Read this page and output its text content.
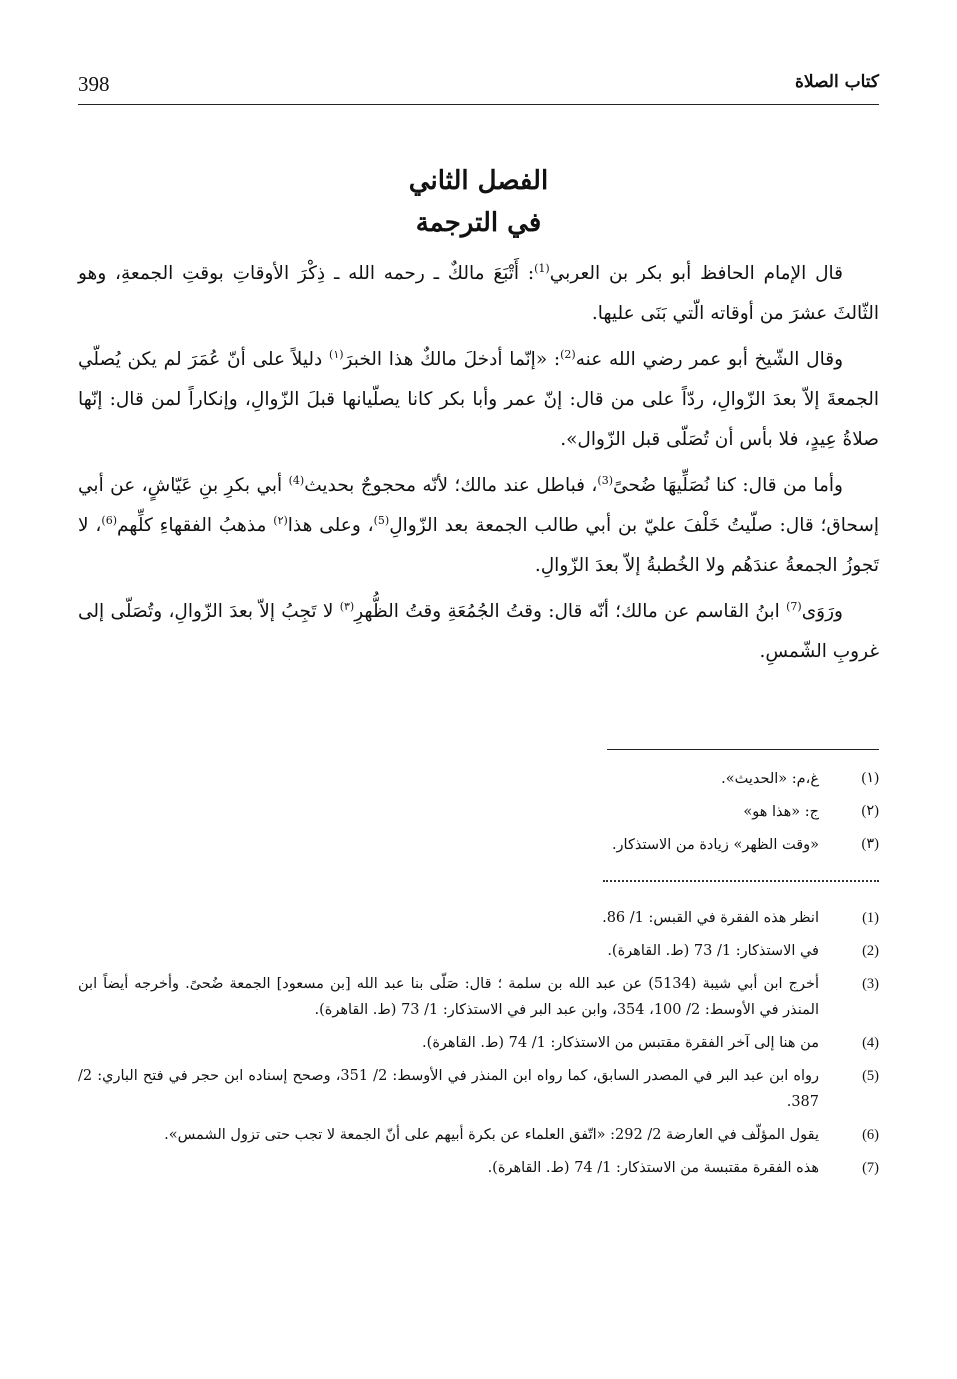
398	كتاب الصلاة
الفصل الثاني
في الترجمة

قال الإمام الحافظ أبو بكر بن العربي$^{(1)}$: أَتْبَعَ مالكٌ ـ رحمه الله ـ ذِكْرَ الأوقاتِ بوقتِ الجمعةِ، وهو الثّالثَ عشرَ من أوقاته الّتي بَنَى عليها.

وقال الشّيخ أبو عمر رضي الله عنه$^{(2)}$: «إنّما أدخلَ مالكٌ هذا الخبرَ$^{(١)}$ دليلاً على أنّ عُمَرَ لم يكن يُصلّي الجمعةَ إلاّ بعدَ الزّوالِ، ردّاً على من قال: إنّ عمر وأبا بكر كانا يصلّيانها قبلَ الزّوالِ، وإنكاراً لمن قال: إنّها صلاةُ عِيدٍ، فلا بأس أن تُصَلّى قبل الزّوال».

وأما من قال: كنا نُصَلِّيهَا ضُحىً$^{(3)}$، فباطل عند مالك؛ لأنّه محجوجٌ بحديث$^{(4)}$ أبي بكرِ بنِ عَيّاشٍ، عن أبي إسحاق؛ قال: صلّيتُ خَلْفَ عليّ بن أبي طالب الجمعة بعد الزّوالِ$^{(5)}$، وعلى هذا$^{(٢)}$ مذهبُ الفقهاءِ كلِّهم$^{(6)}$، لا تَجوزُ الجمعةُ عندَهُم ولا الخُطبةُ إلاّ بعدَ الزّوالِ.

ورَوَى$^{(7)}$ ابنُ القاسم عن مالك؛ أنّه قال: وقتُ الجُمُعَةِ وقتُ الظُّهرِ$^{(٣)}$ لا تَجِبُ إلاّ بعدَ الزّوالِ، وتُصَلّى إلى غروبِ الشّمسِ.

(١)
غ،م: «الحديث».
(٢)
ج: «هذا هو»
(٣)
«وقت الظهر» زيادة من الاستذكار.
(1)
انظر هذه الفقرة في القبس: 1/ 86.
(2)
في الاستذكار: 1/ 73 (ط. القاهرة).
(3)
أخرج ابن أبي شيبة (5134) عن عبد الله بن سلمة ؛ قال: صَلّى بنا عبد الله [بن مسعود] الجمعة ضُحىً. وأخرجه أيضاً ابن المنذر في الأوسط: 2/ 100، 354، وابن عبد البر في الاستذكار: 1/ 73 (ط. القاهرة).
(4)
من هنا إلى آخر الفقرة مقتبس من الاستذكار: 1/ 74 (ط. القاهرة).
(5)
رواه ابن عبد البر في المصدر السابق، كما رواه ابن المنذر في الأوسط: 2/ 351، وصحح إسناده ابن حجر في فتح الباري: 2/ 387.
(6)
يقول المؤلّف في العارضة 2/ 292: «اتّفق العلماء عن بكرة أبيهم على أنّ الجمعة لا تجب حتى تزول الشمس».
(7)
هذه الفقرة مقتبسة من الاستذكار: 1/ 74 (ط. القاهرة).
